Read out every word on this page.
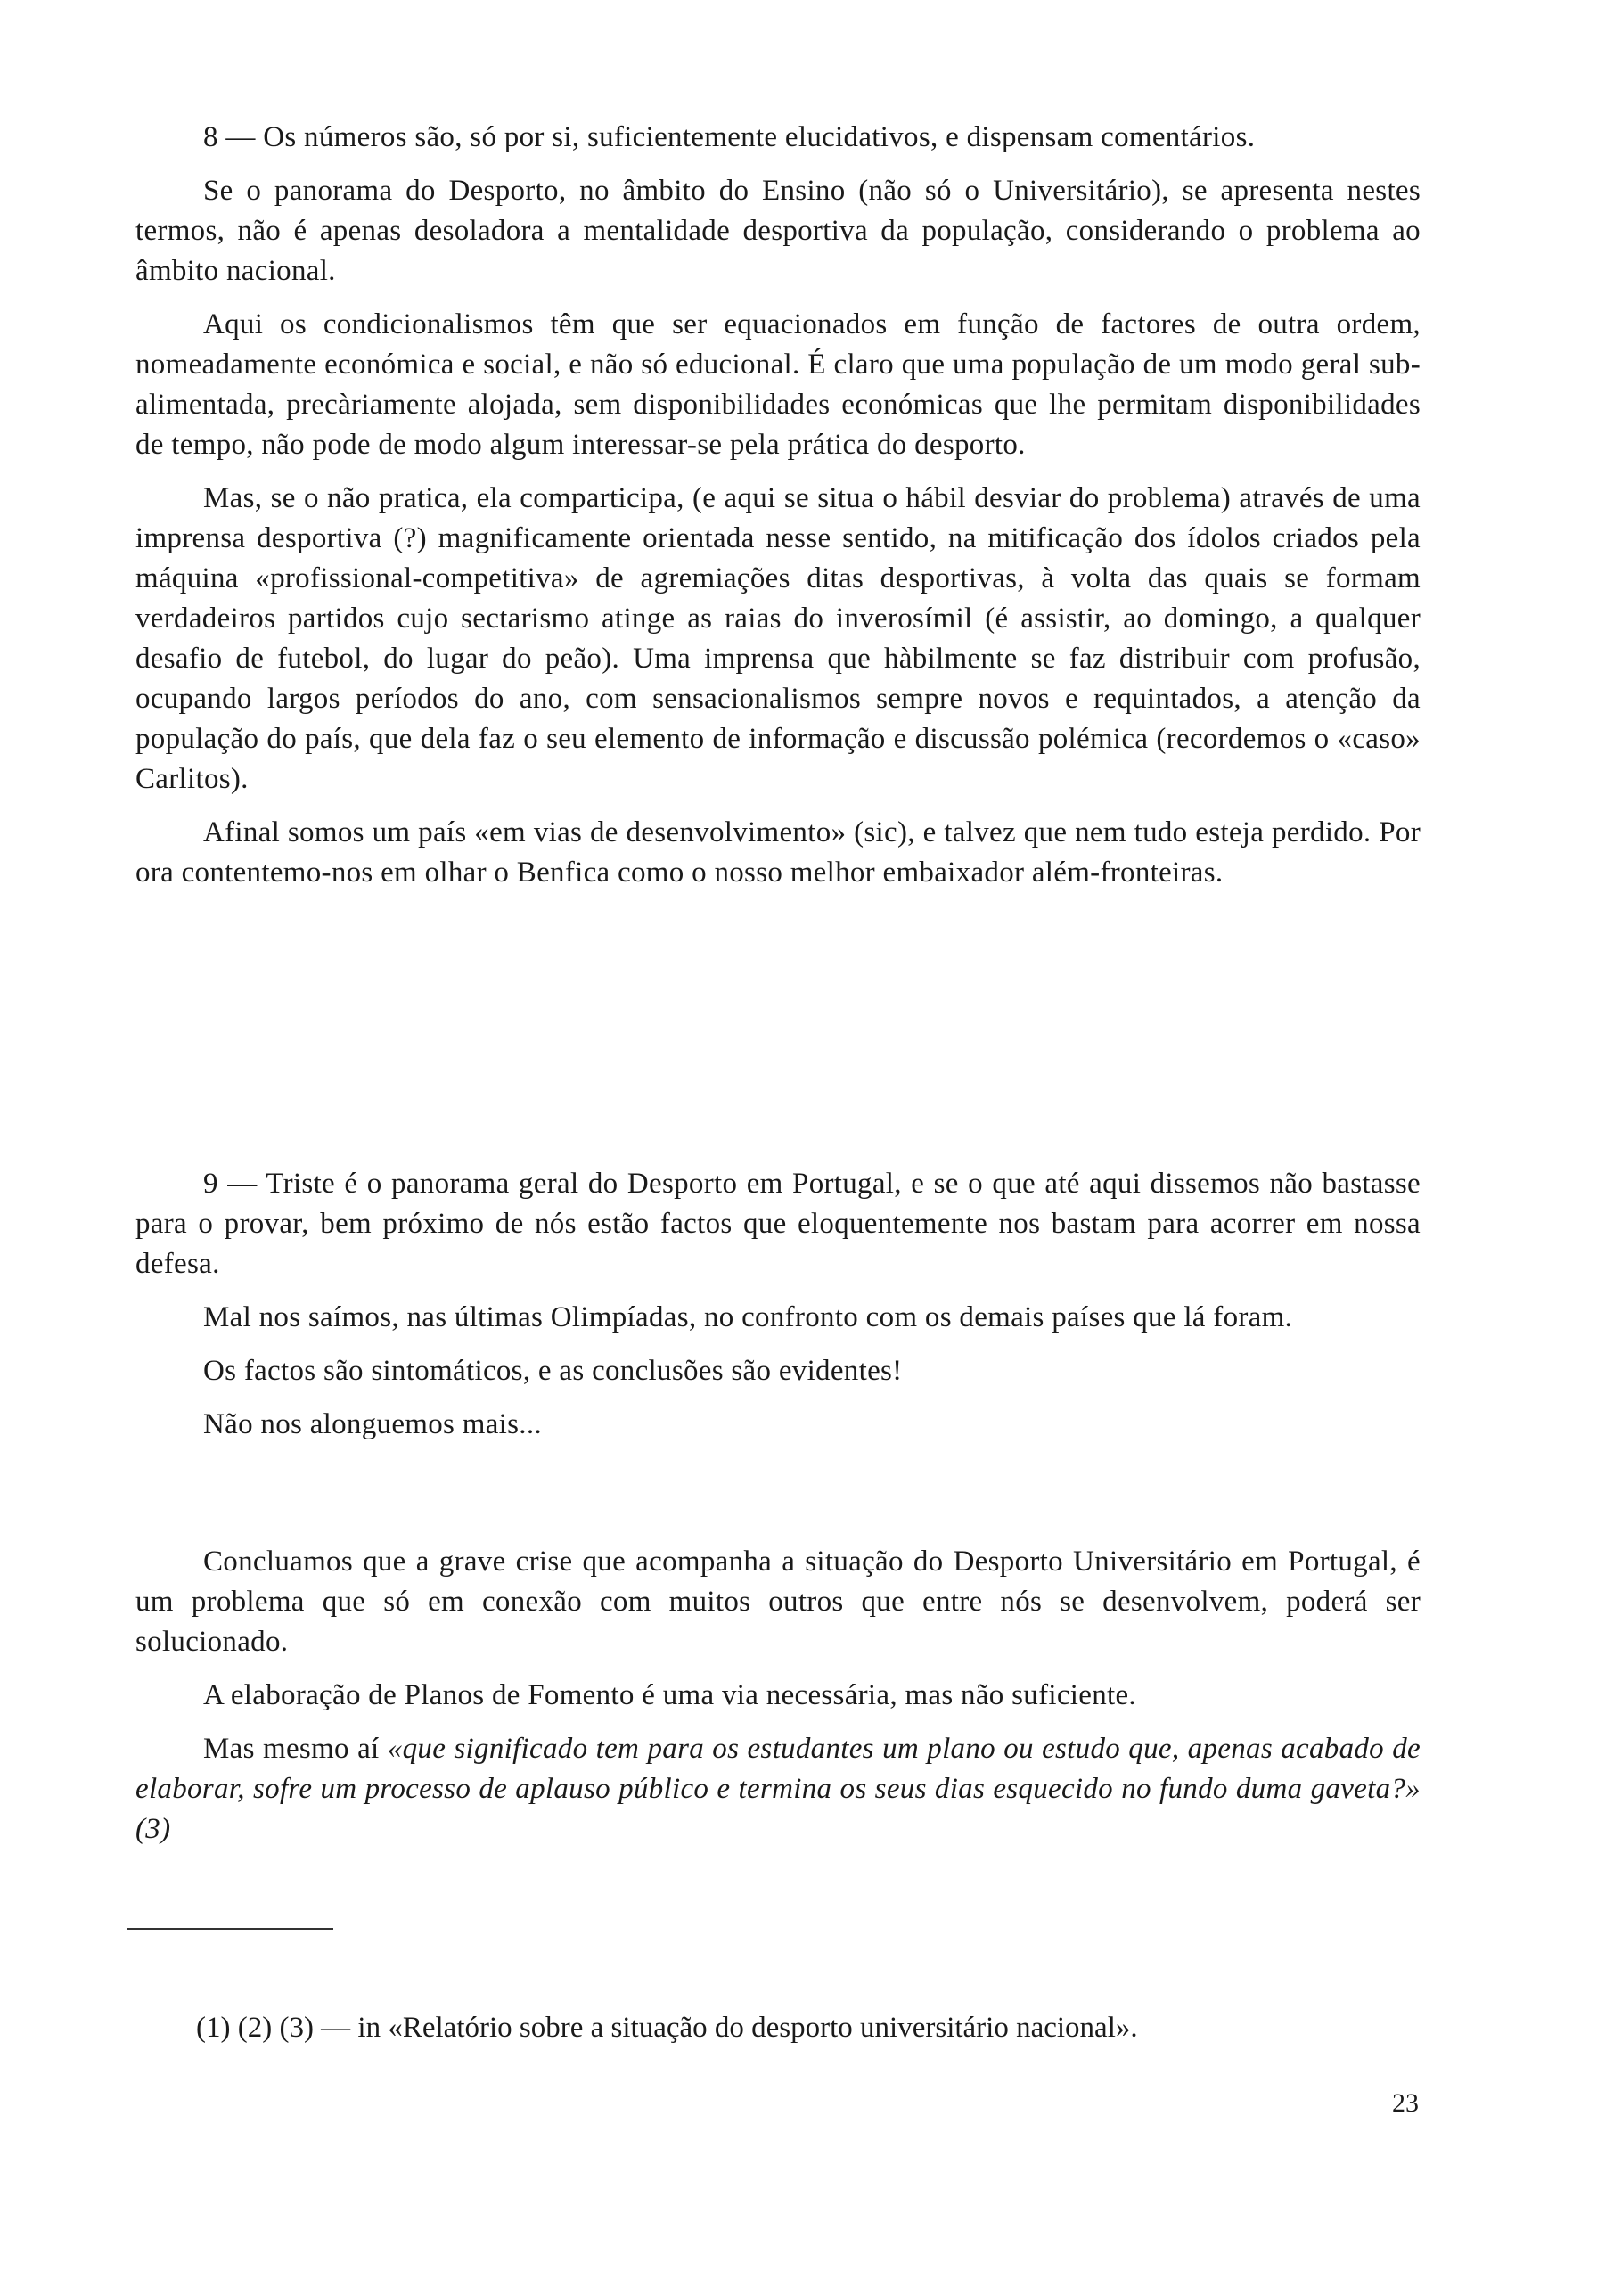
8 — Os números são, só por si, suficientemente elucidativos, e dispensam comentários.

Se o panorama do Desporto, no âmbito do Ensino (não só o Universitário), se apresenta nestes termos, não é apenas desoladora a mentalidade desportiva da população, considerando o problema ao âmbito nacional.

Aqui os condicionalismos têm que ser equacionados em função de factores de outra ordem, nomeadamente económica e social, e não só educional. É claro que uma população de um modo geral sub-alimentada, precàriamente alojada, sem disponibilidades económicas que lhe permitam disponibilidades de tempo, não pode de modo algum interessar-se pela prática do desporto.

Mas, se o não pratica, ela comparticipa, (e aqui se situa o hábil desviar do problema) através de uma imprensa desportiva (?) magnificamente orientada nesse sentido, na mitificação dos ídolos criados pela máquina «profissional-competitiva» de agremiações ditas desportivas, à volta das quais se formam verdadeiros partidos cujo sectarismo atinge as raias do inverosímil (é assistir, ao domingo, a qualquer desafio de futebol, do lugar do peão). Uma imprensa que hàbilmente se faz distribuir com profusão, ocupando largos períodos do ano, com sensacionalismos sempre novos e requintados, a atenção da população do país, que dela faz o seu elemento de informação e discussão polémica (recordemos o «caso» Carlitos).

Afinal somos um país «em vias de desenvolvimento» (sic), e talvez que nem tudo esteja perdido. Por ora contentemo-nos em olhar o Benfica como o nosso melhor embaixador além-fronteiras.

9 — Triste é o panorama geral do Desporto em Portugal, e se o que até aqui dissemos não bastasse para o provar, bem próximo de nós estão factos que eloquentemente nos bastam para acorrer em nossa defesa.

Mal nos saímos, nas últimas Olimpíadas, no confronto com os demais países que lá foram.

Os factos são sintomáticos, e as conclusões são evidentes!

Não nos alonguemos mais...

Concluamos que a grave crise que acompanha a situação do Desporto Universitário em Portugal, é um problema que só em conexão com muitos outros que entre nós se desenvolvem, poderá ser solucionado.

A elaboração de Planos de Fomento é uma via necessária, mas não suficiente.

Mas mesmo aí «que significado tem para os estudantes um plano ou estudo que, apenas acabado de elaborar, sofre um processo de aplauso público e termina os seus dias esquecido no fundo duma gaveta?» (3)

(1) (2) (3) — in «Relatório sobre a situação do desporto universitário nacional».
23
